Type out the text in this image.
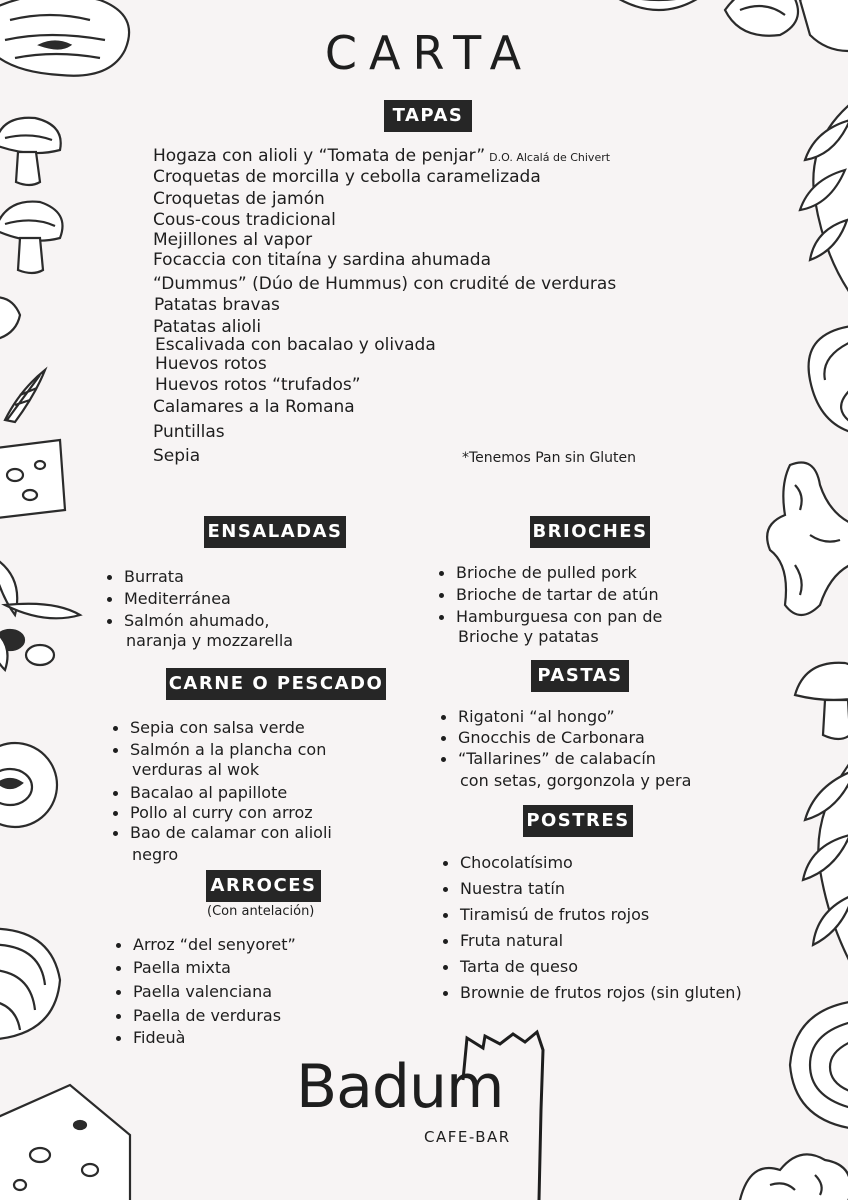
CARTA
TAPAS
Hogaza con alioli y “Tomata de penjar” D.O. Alcalá de Chivert
Croquetas de morcilla y cebolla caramelizada
Croquetas de jamón
Cous-cous tradicional
Mejillones al vapor
Focaccia con titaína y sardina ahumada
“Dummus” (Dúo de Hummus) con crudité de verduras
Patatas bravas
Patatas alioli
Escalivada con bacalao y olivada
Huevos rotos
Huevos rotos “trufados”
Calamares a la Romana
Puntillas
Sepia	*Tenemos Pan sin Gluten
ENSALADAS
Burrata
Mediterránea
Salmón ahumado,
naranja y mozzarella
BRIOCHES
Brioche de pulled pork
Brioche de tartar de atún
Hamburguesa con pan de
Brioche y patatas
CARNE O PESCADO
Sepia con salsa verde
Salmón a la plancha con
verduras al wok
Bacalao al papillote
Pollo al curry con arroz
Bao de calamar con alioli
negro
PASTAS
Rigatoni “al hongo”
Gnocchis de Carbonara
“Tallarines” de calabacín
con setas, gorgonzola y pera
POSTRES
Chocolatísimo
Nuestra tatín
Tiramisú de frutos rojos
Fruta natural
Tarta de queso
Brownie de frutos rojos (sin gluten)
ARROCES
(Con antelación)
Arroz “del senyoret”
Paella mixta
Paella valenciana
Paella de verduras
Fideuà
Badum
CAFE-BAR
